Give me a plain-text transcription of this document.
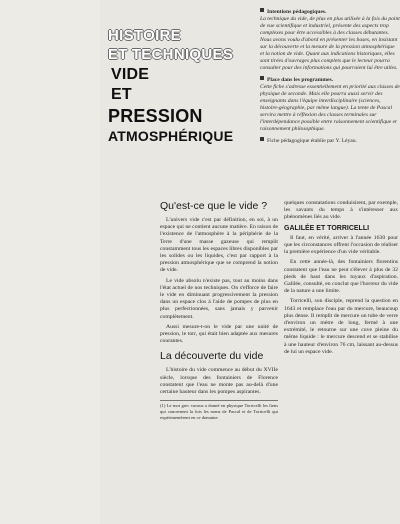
HISTOIRE
ET TECHNIQUES
VIDE
ET
PRESSION
ATMOSPHÉRIQUE

Intentions pédagogiques.
La technique du vide, de plus en plus utilisée à la fois du point de vue scientifique et industriel, présente des aspects trop complexes pour être accessibles à des classes débutantes. Nous avons voulu d'abord en présenter les bases, en insistant sur la découverte et la mesure de la pression atmosphérique et la notion de vide. Quant aux indications historiques, elles sont tirées d'ouvrages plus complets que le lecteur pourra consulter pour des informations qui pourraient lui être utiles.

Place dans les programmes.
Cette fiche s'adresse essentiellement en priorité aux classes de physique de seconde. Mais elle pourra aussi servir des enseignants dans l'équipe interdisciplinaire (sciences, histoire-géographie, par même langue). La tente de Pascal servira mettre à réflexion des classes terminales sur l'interdépendance possible entre raisonnement scientifique et raisonnement philosophique.

Fiche pédagogique établie par Y. Léyau.
Qu'est-ce que le vide ?

L'univers vide c'est par définition, en soi, à un espace qui ne contient aucune matière. En raison de l'existence de l'atmosphère à la périphérie de la Terre d'une masse gazeuse qui remplit constamment tous les espaces libres disponibles par les solides ou les liquides, c'est par rapport à la pression atmosphérique que se comprend la notion de vide.

Le vide absolu n'existe pas, tout au moins dans l'état actuel de nos techniques. On s'efforce de faire le vide en diminuant progressivement la pression dans un espace clos à l'aide de pompes de plus en plus perfectionnées, sans jamais y parvenir complètement.

Aussi mesure-t-on le vide par une unité de pression, le torr, qui était bien adaptée aux mesures courantes.

La découverte du vide

L'histoire du vide commence au début du XVIIe siècle, lorsque des fontainiers de Florence constatent que l'eau ne monte pas au-delà d'une certaine hauteur dans les pompes aspirantes.

(1) Le mot grec vacuus a donné en physique Torricelli les liens qui concernent la fois les noms de Pascal et de Torricelli qui expérimentèrent en ce domaine.

quelques constatations conduisirent, par exemple, les savants du temps à s'intéresser aux phénomènes liés au vide.

GALILÉE ET TORRICELLI

Il faut, en vérité, arriver à l'année 1630 pour que les circonstances offrent l'occasion de réaliser la première expérience d'un vide véritable.

En cette année-là, des fontainiers florentins constatent que l'eau ne peut s'élever à plus de 32 pieds de haut dans les tuyaux d'aspiration. Galilée, consulté, en conclut que l'horreur du vide de la nature a une limite.

Torricelli, son disciple, reprend la question en 1643 et remplace l'eau par du mercure, beaucoup plus dense. Il remplit de mercure un tube de verre d'environ un mètre de long, fermé à une extrémité, le retourne sur une cuve pleine du même liquide : le mercure descend et se stabilise à une hauteur d'environ 76 cm, laissant au-dessus de lui un espace vide.
